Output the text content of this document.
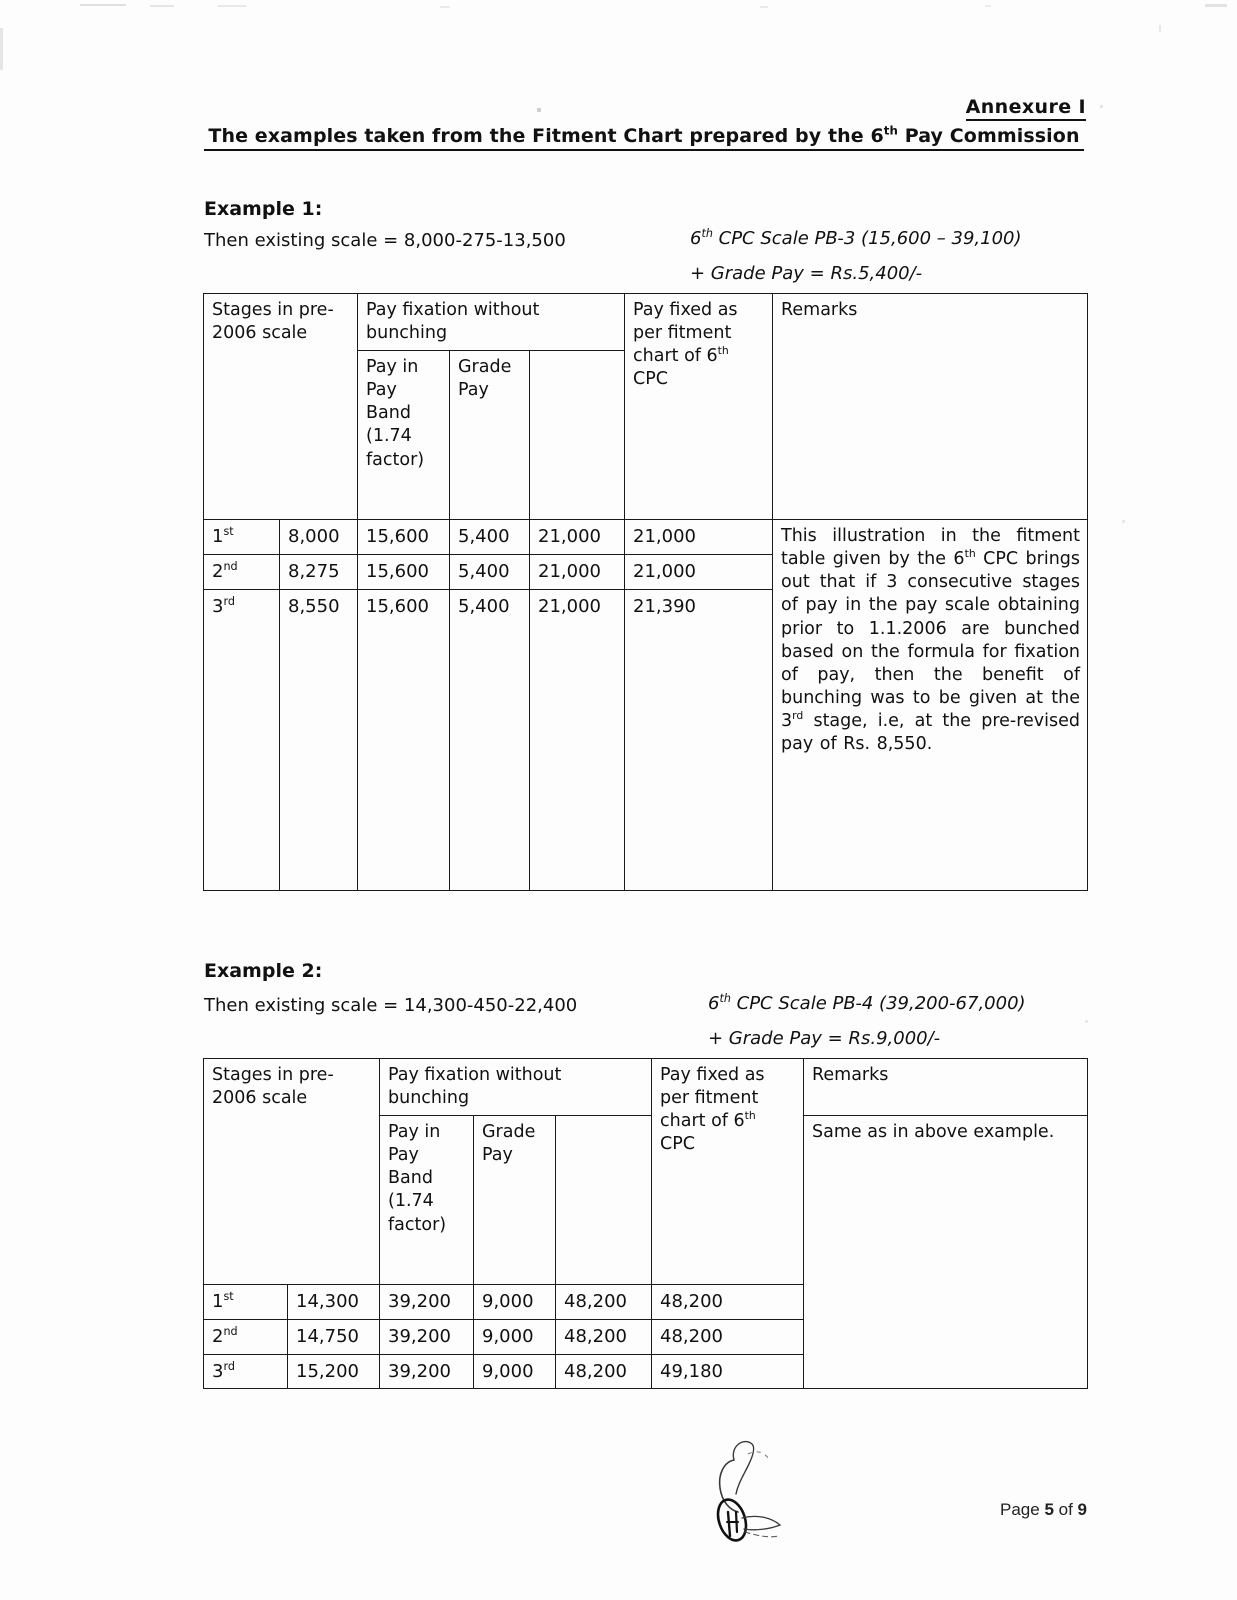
Annexure I
The examples taken from the Fitment Chart prepared by the 6th Pay Commission
Example 1:
Then existing scale = 8,000-275-13,500	6th CPC Scale PB-3 (15,600 – 39,100)
+ Grade Pay = Rs.5,400/-
Stages in pre-2006 scale		Pay fixation without bunching			Pay fixed as per fitment chart of 6th CPC	Remarks
		Pay in Pay Band (1.74 factor)	Grade Pay			
1st	8,000	15,600	5,400	21,000	21,000	This illustration in the fitment table given by the 6th CPC brings out that if 3 consecutive stages of pay in the pay scale obtaining prior to 1.1.2006 are bunched based on the formula for fixation of pay, then the benefit of bunching was to be given at the 3rd stage, i.e, at the pre-revised pay of Rs. 8,550.
2nd	8,275	15,600	5,400	21,000	21,000	
3rd	8,550	15,600	5,400	21,000	21,390	
Example 2:
Then existing scale = 14,300-450-22,400	6th CPC Scale PB-4 (39,200-67,000)
+ Grade Pay = Rs.9,000/-
Stages in pre-2006 scale		Pay fixation without bunching			Pay fixed as per fitment chart of 6th CPC	Remarks
		Pay in Pay Band (1.74 factor)	Grade Pay			Same as in above example.
1st	14,300	39,200	9,000	48,200	48,200	
2nd	14,750	39,200	9,000	48,200	48,200	
3rd	15,200	39,200	9,000	48,200	49,180	
Page 5 of 9
